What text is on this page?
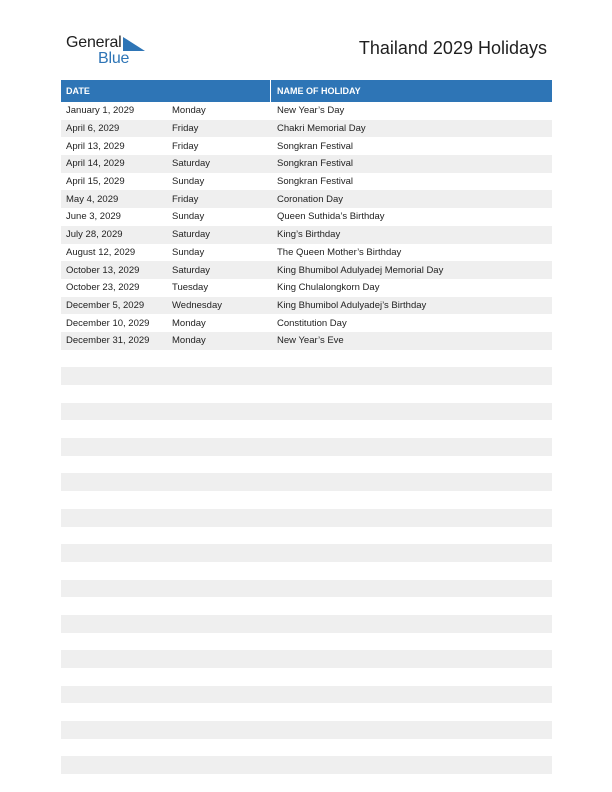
General
Blue
Thailand 2029 Holidays
DATE	NAME OF HOLIDAY
January 1, 2029	Monday	New Year’s Day
April 6, 2029	Friday	Chakri Memorial Day
April 13, 2029	Friday	Songkran Festival
April 14, 2029	Saturday	Songkran Festival
April 15, 2029	Sunday	Songkran Festival
May 4, 2029	Friday	Coronation Day
June 3, 2029	Sunday	Queen Suthida’s Birthday
July 28, 2029	Saturday	King’s Birthday
August 12, 2029	Sunday	The Queen Mother’s Birthday
October 13, 2029	Saturday	King Bhumibol Adulyadej Memorial Day
October 23, 2029	Tuesday	King Chulalongkorn Day
December 5, 2029	Wednesday	King Bhumibol Adulyadej’s Birthday
December 10, 2029	Monday	Constitution Day
December 31, 2029	Monday	New Year’s Eve
